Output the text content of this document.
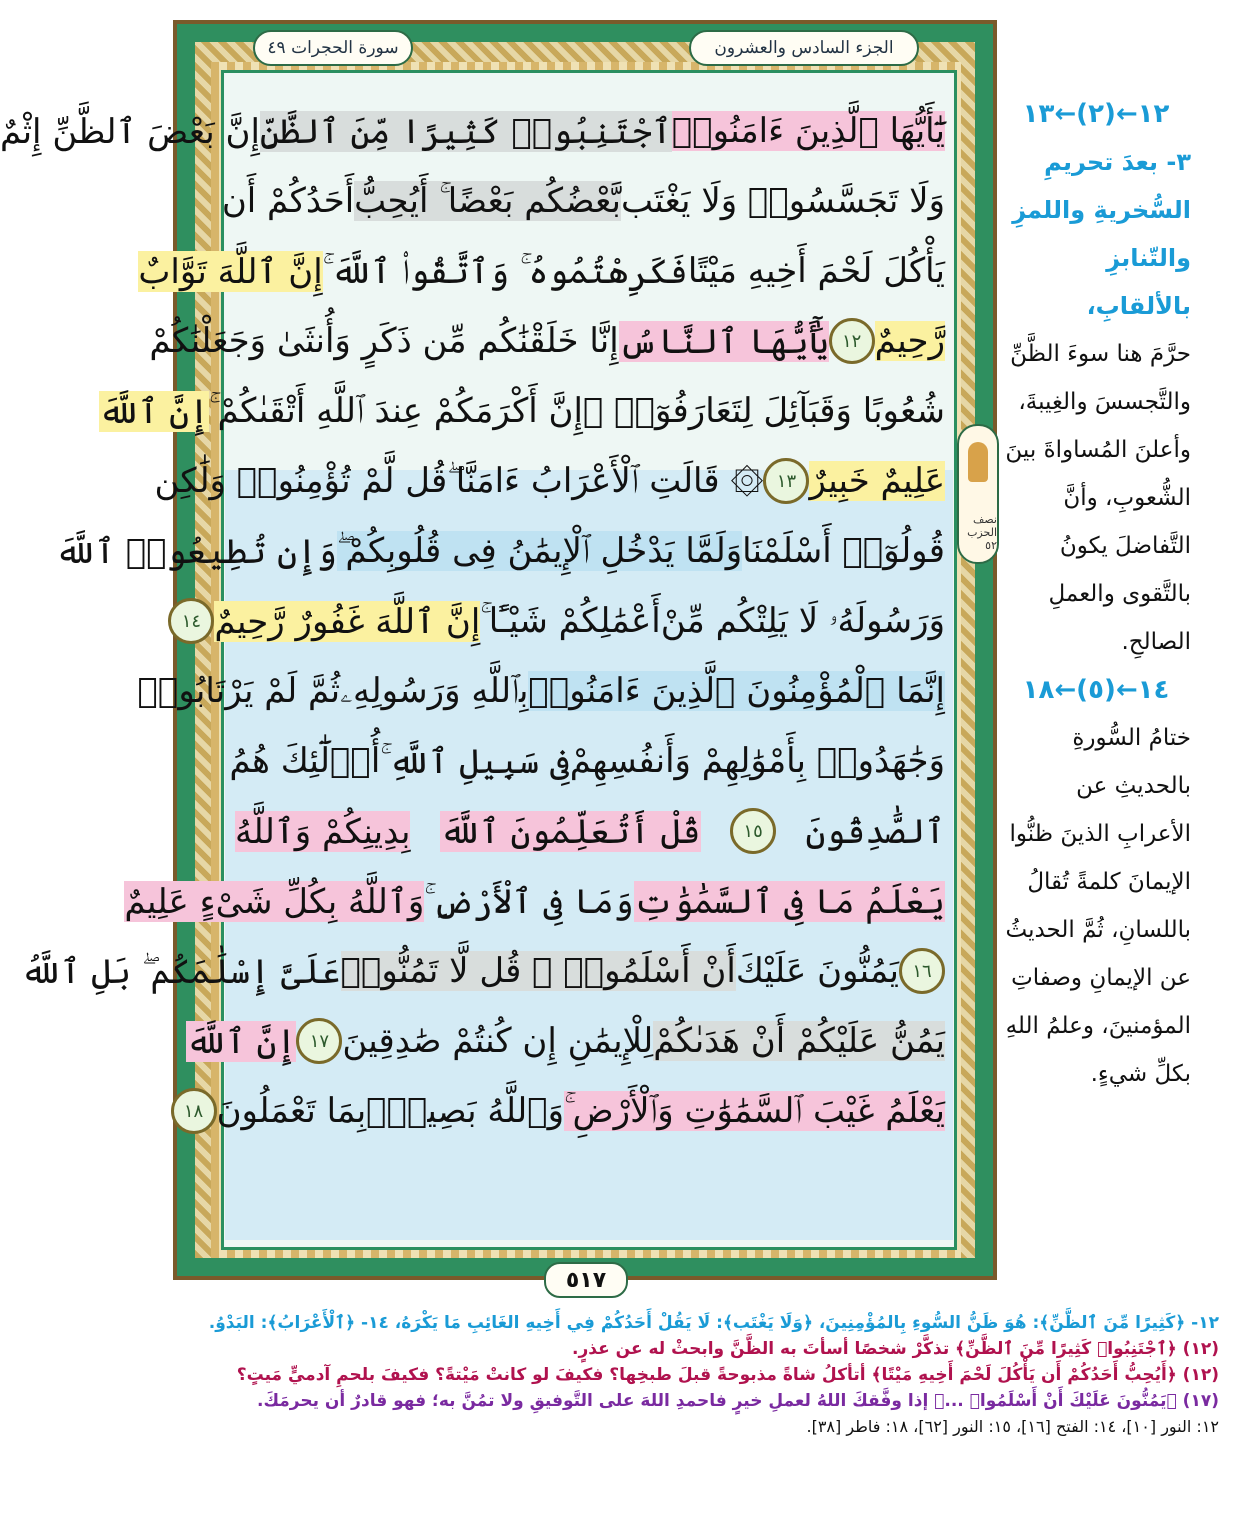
الجزء السادس والعشرون
سورة الحجرات ٤٩
يَٰٓأَيُّهَا ٱلَّذِينَ ءَامَنُوا۟
ٱجْتَنِبُوا۟ كَثِيرًا مِّنَ ٱلظَّنِّ
إِنَّ بَعْضَ ٱلظَّنِّ إِثْمٌ
وَلَا تَجَسَّسُوا۟ وَلَا يَغْتَب
بَّعْضُكُم بَعْضًا ۚ أَيُحِبُّ
أَحَدُكُمْ أَن
يَأْكُلَ لَحْمَ أَخِيهِ مَيْتًا
فَكَرِهْتُمُوهُ ۚ وَٱتَّقُوا۟ ٱللَّهَ ۚ
إِنَّ ٱللَّهَ تَوَّابٌ
رَّحِيمٌ
١٢
يَٰٓأَيُّهَا ٱلنَّاسُ
إِنَّا خَلَقْنَٰكُم مِّن ذَكَرٍ وَأُنثَىٰ وَجَعَلْنَٰكُمْ
شُعُوبًا وَقَبَآئِلَ لِتَعَارَفُوٓا۟ ۚ
إِنَّ أَكْرَمَكُمْ عِندَ ٱللَّهِ أَتْقَىٰكُمْ ۚ
إِنَّ ٱللَّهَ
عَلِيمٌ خَبِيرٌ
١٣
۞ قَالَتِ ٱلْأَعْرَابُ ءَامَنَّا ۖ
قُل لَّمْ تُؤْمِنُوا۟ وَلَٰكِن
قُولُوٓا۟ أَسْلَمْنَا
وَلَمَّا يَدْخُلِ ٱلْإِيمَٰنُ فِى قُلُوبِكُمْ ۖ
وَإِن تُطِيعُوا۟ ٱللَّهَ
وَرَسُولَهُۥ لَا يَلِتْكُم مِّنْ
أَعْمَٰلِكُمْ شَيْـًٔا ۚ
إِنَّ ٱللَّهَ غَفُورٌ رَّحِيمٌ
١٤
إِنَّمَا ٱلْمُؤْمِنُونَ ٱلَّذِينَ ءَامَنُوا۟
بِٱللَّهِ وَرَسُولِهِۦ
ثُمَّ لَمْ يَرْتَابُوا۟
وَجَٰهَدُوا۟ بِأَمْوَٰلِهِمْ وَأَنفُسِهِمْ
فِى سَبِيلِ ٱللَّهِ ۚ
أُو۟لَٰٓئِكَ هُمُ
ٱلصَّٰدِقُونَ
١٥
قُلْ أَتُعَلِّمُونَ ٱللَّهَ
بِدِينِكُمْ وَٱللَّهُ
يَعْلَمُ مَا فِى ٱلسَّمَٰوَٰتِ
وَمَا فِى ٱلْأَرْضِ ۚ
وَٱللَّهُ بِكُلِّ شَىْءٍ عَلِيمٌ
١٦
يَمُنُّونَ عَلَيْكَ
أَنْ أَسْلَمُوا۟ ۖ قُل لَّا تَمُنُّوا۟
عَلَىَّ إِسْلَٰمَكُم ۖ بَلِ ٱللَّهُ
يَمُنُّ عَلَيْكُمْ أَنْ هَدَىٰكُمْ
لِلْإِيمَٰنِ إِن كُنتُمْ صَٰدِقِينَ
١٧
إِنَّ ٱللَّهَ
يَعْلَمُ غَيْبَ ٱلسَّمَٰوَٰتِ وَٱلْأَرْضِ ۚ
وَٱللَّهُ بَصِيرٌۢ
بِمَا تَعْمَلُونَ
١٨
نصف الحزب ٥٢
١٢←(٢)←١٣
٣- بعدَ تحريمِ السُّخريةِ واللمزِ والتّنابزِ بالألقابِ،
حرَّمَ هنا سوءَ الظَّنِّ والتَّجسسَ والغِيبةَ، وأعلنَ المُساواةَ بينَ الشُّعوبِ، وأنَّ التَّفاضلَ يكونُ بالتَّقوى والعملِ الصالحِ.
١٤←(٥)←١٨
ختامُ السُّورةِ بالحديثِ عن الأعرابِ الذينَ ظنُّوا الإيمانَ كلمةً تُقالُ باللسانِ، ثُمَّ الحديثُ عن الإيمانِ وصفاتِ المؤمنينَ، وعلمُ اللهِ بكلِّ شيءٍ.
٥١٧
١٢- ﴿كَثِيرًا مِّنَ ٱلظَّنِّ﴾: هُوَ ظَنُّ السُّوءِ بِالمُؤْمِنِينَ، ﴿وَلَا يَغْتَب﴾: لَا يَقُلْ أَحَدُكُمْ فِي أَخِيهِ الغَائِبِ مَا يَكْرَهُ، ١٤- ﴿ٱلْأَعْرَابُ﴾: البَدْوُ.
(١٢) ﴿ٱجْتَنِبُوا۟ كَثِيرًا مِّنَ ٱلظَّنِّ﴾ تذكَّرْ شخصًا أسأتَ به الظَّنَّ وابحثْ له عن عذرٍ.
(١٢) ﴿أَيُحِبُّ أَحَدُكُمْ أَن يَأْكُلَ لَحْمَ أَخِيهِ مَيْتًا﴾ أتأكلُ شاةً مذبوحةً قبلَ طبخِها؟ فكيفَ لو كانتْ مَيْتةً؟ فكيفَ بلحمِ آدميٍّ مَيتٍ؟
(١٧) ﴿يَمُنُّونَ عَلَيْكَ أَنْ أَسْلَمُوا۟ ...﴾ إذا وفَّقكَ اللهُ لعملِ خيرٍ فاحمدِ اللهَ على التَّوفيقِ ولا تمُنَّ به؛ فهو قادرٌ أن يحرمَكَ.
١٢: النور [١٠]، ١٤: الفتح [١٦]، ١٥: النور [٦٢]، ١٨: فاطر [٣٨].
